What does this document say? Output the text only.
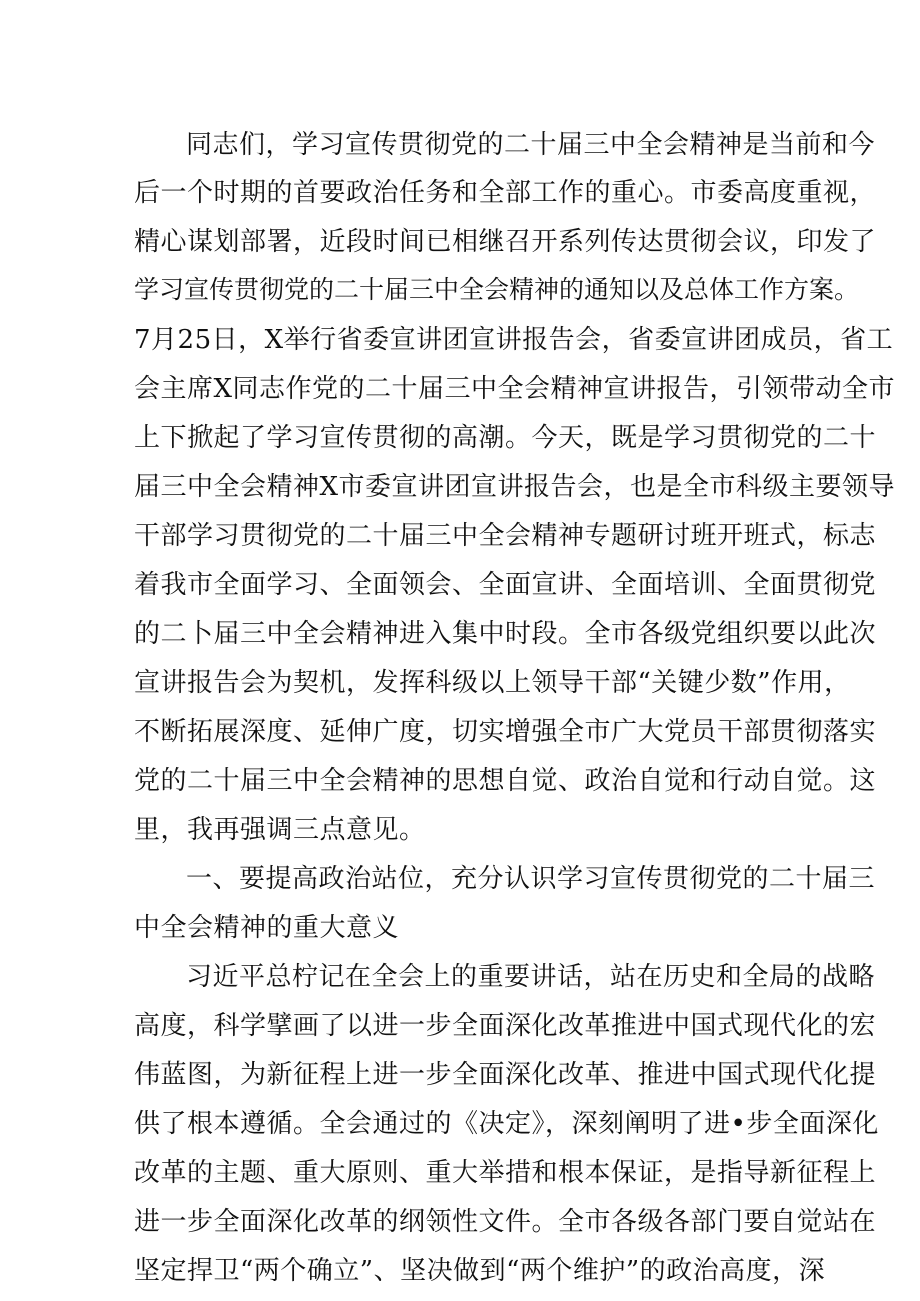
同志们，学习宣传贯彻党的二十届三中全会精神是当前和今
后一个时期的首要政治任务和全部工作的重心。市委高度重视，
精心谋划部署，近段时间已相继召开系列传达贯彻会议，印发了
学习宣传贯彻党的二十届三中全会精神的通知以及总体工作方案。
7月25日，X举行省委宣讲团宣讲报告会，省委宣讲团成员，省工
会主席X同志作党的二十届三中全会精神宣讲报告，引领带动全市
上下掀起了学习宣传贯彻的高潮。今天，既是学习贯彻党的二十
届三中全会精神X市委宣讲团宣讲报告会，也是全市科级主要领导
干部学习贯彻党的二十届三中全会精神专题研讨班开班式，标志
着我市全面学习、全面领会、全面宣讲、全面培训、全面贯彻党
的二卜届三中全会精神进入集中时段。全市各级党组织要以此次
宣讲报告会为契机，发挥科级以上领导干部“关键少数”作用，
不断拓展深度、延伸广度，切实增强全市广大党员干部贯彻落实
党的二十届三中全会精神的思想自觉、政治自觉和行动自觉。这
里，我再强调三点意见。
一、要提高政治站位，充分认识学习宣传贯彻党的二十届三
中全会精神的重大意义
习近平总柠记在全会上的重要讲话，站在历史和全局的战略
高度，科学擘画了以进一步全面深化改革推进中国式现代化的宏
伟蓝图，为新征程上进一步全面深化改革、推进中国式现代化提
供了根本遵循。全会通过的《决定》，深刻阐明了进•步全面深化
改革的主题、重大原则、重大举措和根本保证，是指导新征程上
进一步全面深化改革的纲领性文件。全市各级各部门要自觉站在
坚定捍卫“两个确立”、坚决做到“两个维护”的政治高度，深
